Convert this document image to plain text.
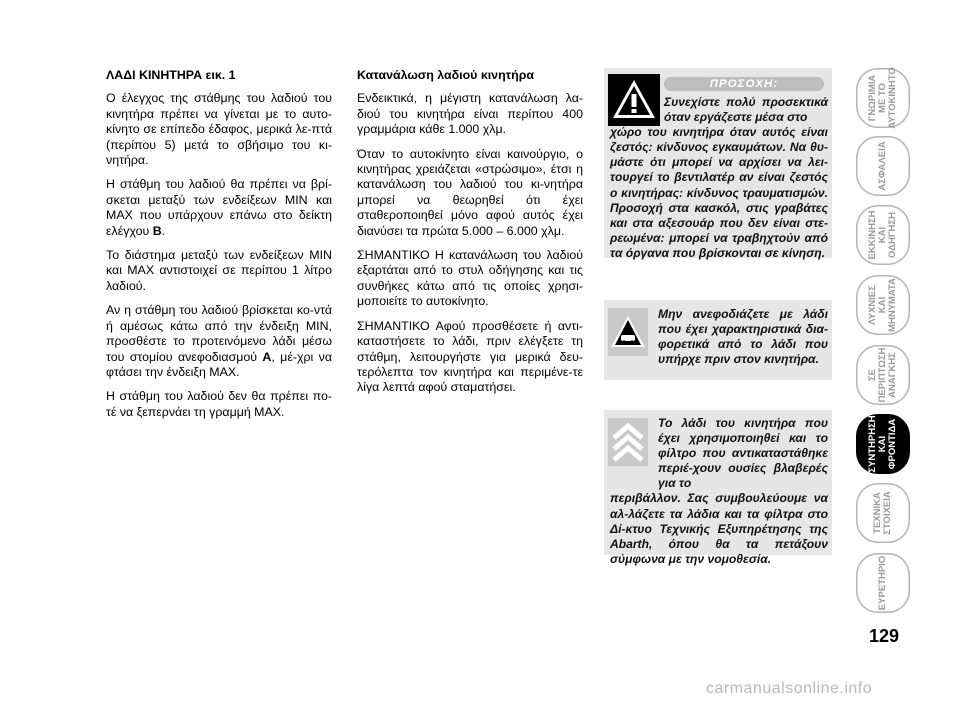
ΛΑΔΙ ΚΙΝΗΤΗΡΑ εικ. 1

Ο έλεγχος της στάθμης του λαδιού του κινητήρα πρέπει να γίνεται με το αυτο-κίνητο σε επίπεδο έδαφος, μερικά λε-πτά (περίπου 5) μετά το σβήσιμο του κι-νητήρα.

Η στάθμη του λαδιού θα πρέπει να βρί-σκεται μεταξύ των ενδείξεων MIN και MAX που υπάρχουν επάνω στο δείκτη ελέγχου B.

Το διάστημα μεταξύ των ενδείξεων MIN και MAX αντιστοιχεί σε περίπου 1 λίτρο λαδιού.

Αν η στάθμη του λαδιού βρίσκεται κο-ντά ή αμέσως κάτω από την ένδειξη MIN, προσθέστε το προτεινόμενο λάδι μέσω του στομίου ανεφοδιασμού A, μέ-χρι να φτάσει την ένδειξη MAX.

Η στάθμη του λαδιού δεν θα πρέπει πο-τέ να ξεπερνάει τη γραμμή MAX.

Κατανάλωση λαδιού κινητήρα

Ενδεικτικά, η μέγιστη κατανάλωση λα-διού του κινητήρα είναι περίπου 400 γραμμάρια κάθε 1.000 χλμ.

Όταν το αυτοκίνητο είναι καινούργιο, ο κινητήρας χρειάζεται «στρώσιμο», έτσι η κατανάλωση του λαδιού του κι-νητήρα μπορεί να θεωρηθεί ότι έχει σταθεροποιηθεί μόνο αφού αυτός έχει διανύσει τα πρώτα 5.000 – 6.000 χλμ.

ΣΗΜΑΝΤΙΚΟ Η κατανάλωση του λαδιού εξαρτάται από το στυλ οδήγησης και τις συνθήκες κάτω από τις οποίες χρησι-μοποιείτε το αυτοκίνητο.

ΣΗΜΑΝΤΙΚΟ Αφού προσθέσετε ή αντι-καταστήσετε το λάδι, πριν ελέγξετε τη στάθμη, λειτουργήστε για μερικά δευ-τερόλεπτα τον κινητήρα και περιμένε-τε λίγα λεπτά αφού σταματήσει.

ΠΡΟΣΟΧΗ:
Συνεχίστε πολύ προσεκτικά όταν εργάζεστε μέσα στο
χώρο του κινητήρα όταν αυτός είναι ζεστός: κίνδυνος εγκαυμάτων. Να θυ-μάστε ότι μπορεί να αρχίσει να λει-τουργεί το βεντιλατέρ αν είναι ζεστός ο κινητήρας: κίνδυνος τραυματισμών. Προσοχή στα κασκόλ, στις γραβάτες και στα αξεσουάρ που δεν είναι στε-ρεωμένα: μπορεί να τραβηχτούν από τα όργανα που βρίσκονται σε κίνηση.
Μην ανεφοδιάζετε με λάδι που έχει χαρακτηριστικά δια-φορετικά από το λάδι που υπήρχε πριν στον κινητήρα.
Το λάδι του κινητήρα που έχει χρησιμοποιηθεί και το φίλτρο που αντικαταστάθηκε περιέ-χουν ουσίες βλαβερές για το
περιβάλλον. Σας συμβουλεύουμε να αλ-λάζετε τα λάδια και τα φίλτρα στο Δί-κτυο Τεχνικής Εξυπηρέτησης της Abarth, όπου θα τα πετάξουν σύμφωνα με την νομοθεσία.
ΓΝΩΡΙΜΙΑ
ΜΕ ΤΟ
ΑΥΤΟΚΙΝΗΤΟ
ΑΣΦΑΛΕΙΑ
ΕΚΚΙΝΗΣΗ
ΚΑΙ
ΟΔΗΓΗΣΗ
ΛΥΧΝΙΕΣ
ΚΑΙ
ΜΗΝΥΜΑΤΑ
ΣΕ
ΠΕΡΙΠΤΩΣΗ
ΑΝΑΓΚΗΣ
ΣΥΝΤΗΡΗΣΗ
ΚΑΙ
ΦΡΟΝΤΙΔΑ
ΤΕΧΝΙΚΑ
ΣΤΟΙΧΕΙΑ
ΕΥΡΕΤΗΡΙΟ
129
carmanualsonline.info
